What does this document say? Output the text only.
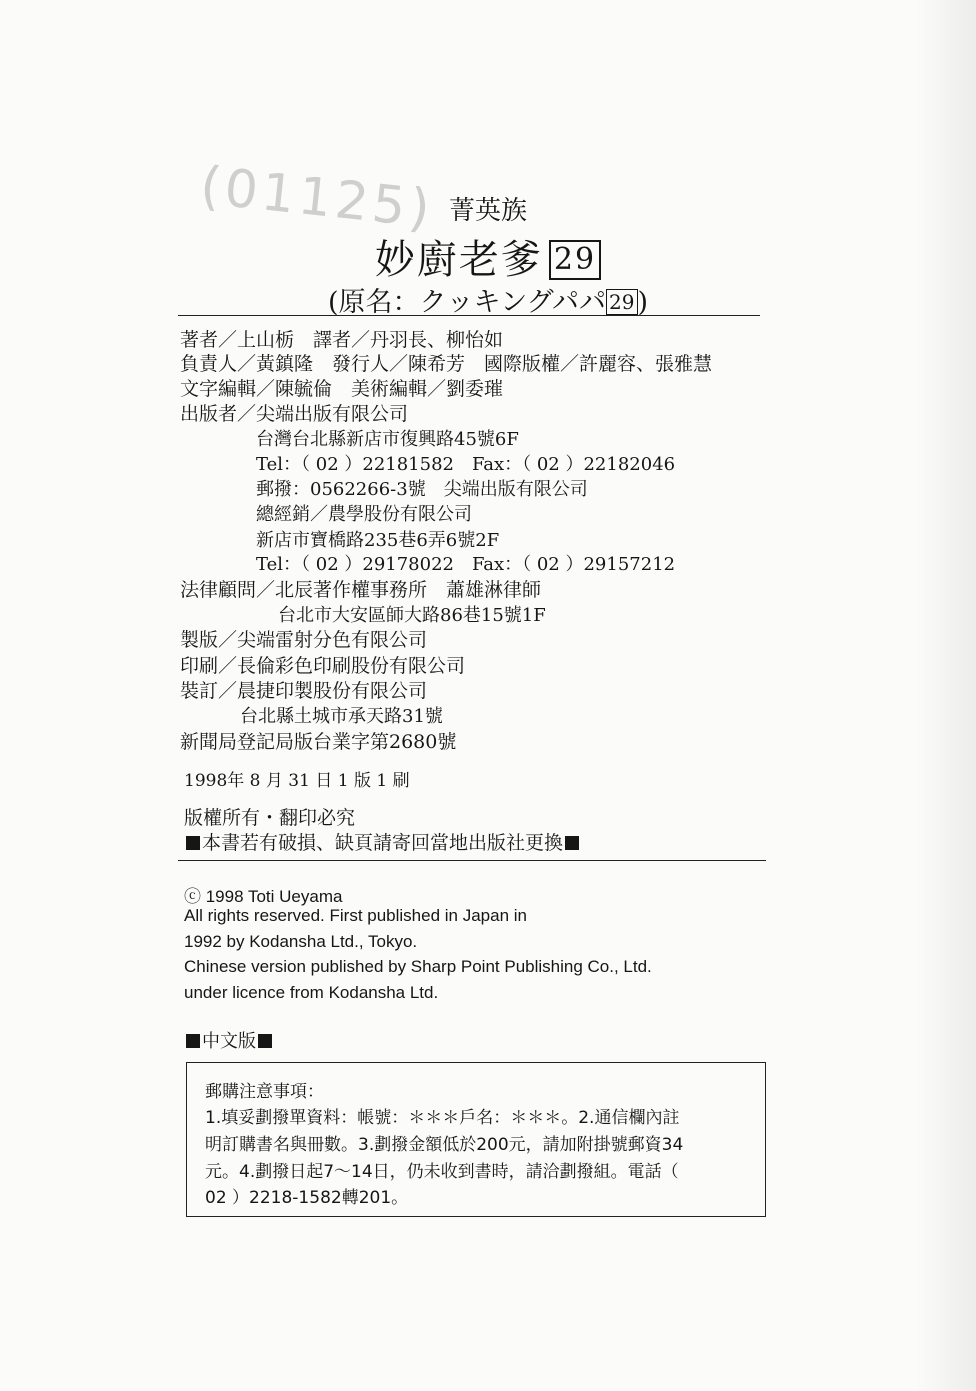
(01125) 菁英族
妙廚老爹 29
(原名：クッキングパパ 29 )
著者／上山栃　譯者／丹羽長、柳怡如
負責人／黃鎮隆　發行人／陳希芳　國際版權／許麗容、張雅慧
文字編輯／陳毓倫　美術編輯／劉委璀
出版者／尖端出版有限公司
台灣台北縣新店市復興路45號6F
Tel：（ 02 ）22181582　Fax：（ 02 ）22182046
郵撥：0562266-3號　尖端出版有限公司
總經銷／農學股份有限公司
新店市寶橋路235巷6弄6號2F
Tel：（ 02 ）29178022　Fax：（ 02 ）29157212
法律顧問／北辰著作權事務所　蕭雄淋律師
台北市大安區師大路86巷15號1F
製版／尖端雷射分色有限公司
印刷／長倫彩色印刷股份有限公司
裝訂／晨捷印製股份有限公司
台北縣土城市承天路31號
新聞局登記局版台業字第2680號
1998年 8 月 31 日 1 版 1 刷
版權所有・翻印必究
本書若有破損、缺頁請寄回當地出版社更換
ⓒ 1998 Toti Ueyama
All rights reserved. First published in Japan in
1992 by Kodansha Ltd., Tokyo.
Chinese version published by Sharp Point Publishing Co., Ltd.
under licence from Kodansha Ltd.
中文版
郵購注意事項：
1.填妥劃撥單資料：帳號：＊＊＊戶名：＊＊＊。2.通信欄內註
明訂購書名與冊數。3.劃撥金額低於200元，請加附掛號郵資34
元。4.劃撥日起7～14日，仍未收到書時，請洽劃撥組。電話（
02 ）2218-1582轉201。
